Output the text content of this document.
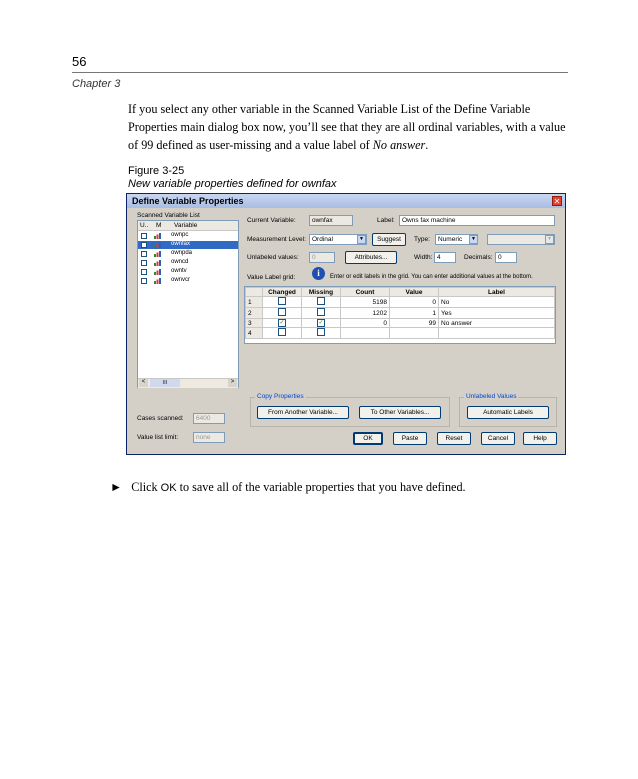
56
Chapter 3
If you select any other variable in the Scanned Variable List of the Define Variable Properties main dialog box now, you’ll see that they are all ordinal variables, with a value of 99 defined as user-missing and a value label of No answer.
Figure 3-25
New variable properties defined for ownfax
Define Variable Properties	✕
Scanned Variable List
U.. M Variable
ownpc
ownfax
ownpda
owncd
owntv
ownvcr
<	III	>
Cases scanned:	6400
Value list limit:	none
Current Variable:	ownfax	Label:	Owns fax machine
Measurement Level: Ordinal	▼	Suggest	Type:	Numeric	▼	▼
Unlabeled values:	0	Attributes...	Width: 4	Decimals: 0
Value Label grid:	i	Enter or edit labels in the grid. You can enter additional values at the bottom.
	Changed	Missing	Count	Value	Label
1			5198	0	No
2			1202	1	Yes
3	✓	✓	0	99	No answer
4					
Copy Properties
From Another Variable...	To Other Variables...
Unlabeled Values
Automatic Labels
OK	Paste	Reset	Cancel	Help
► Click OK to save all of the variable properties that you have defined.
